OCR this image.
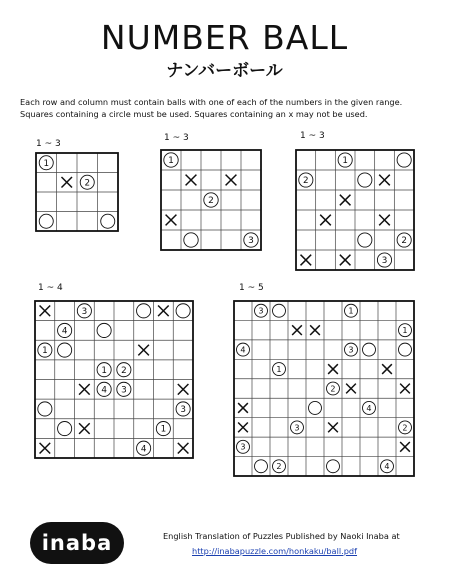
NUMBER BALL
ナンバーボール
Each row and column must contain balls with one of each of the numbers in the given range. Squares containing a circle must be used. Squares containing an x may not be used.
1 ~ 3
1
2
1 ~ 3
1
2
3
1 ~ 3
1
2
2
3
1 ~ 4
3
4
1
1 2
4 3
3
1
4
1 ~ 5
3	1
1
4	3
1
2
4
3	2
3
2	4
inaba	English Translation of Puzzles Published by Naoki Inaba at
http://inabapuzzle.com/honkaku/ball.pdf
